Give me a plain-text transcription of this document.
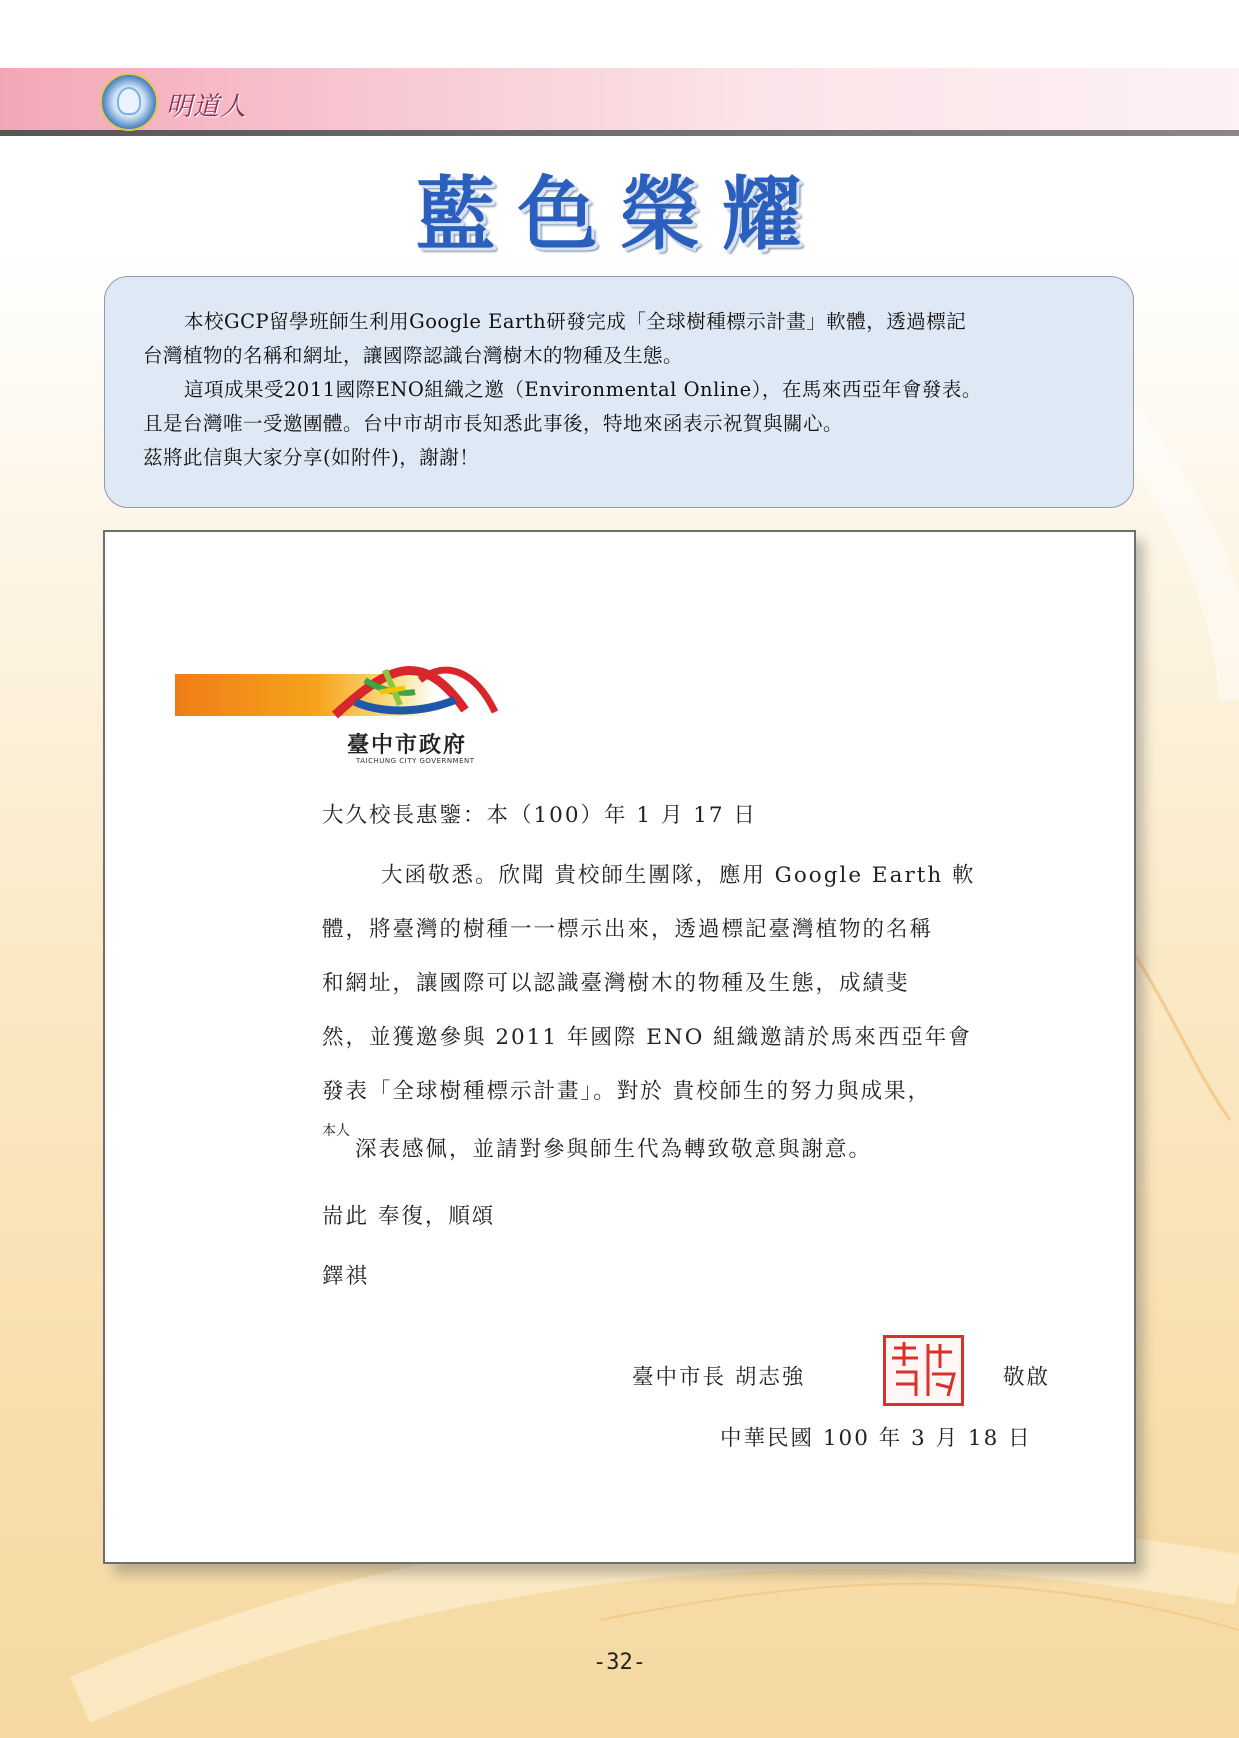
明道人
藍色榮耀

本校GCP留學班師生利用Google Earth研發完成「全球樹種標示計畫」軟體，透過標記

台灣植物的名稱和網址，讓國際認識台灣樹木的物種及生態。

這項成果受2011國際ENO組織之邀（Environmental Online），在馬來西亞年會發表。

且是台灣唯一受邀團體。台中市胡市長知悉此事後，特地來函表示祝賀與關心。

茲將此信與大家分享(如附件)，謝謝！

臺中市政府
TAICHUNG CITY GOVERNMENT
大久校長惠鑒：本（100）年 1 月 17 日
大函敬悉。欣聞 貴校師生團隊，應用 Google Earth 軟
體，將臺灣的樹種一一標示出來，透過標記臺灣植物的名稱
和網址，讓國際可以認識臺灣樹木的物種及生態，成績斐
然，並獲邀參與 2011 年國際 ENO 組織邀請於馬來西亞年會
發表「全球樹種標示計畫」。對於 貴校師生的努力與成果，
本人
深表感佩，並請對參與師生代為轉致敬意與謝意。
耑此 奉復，順頌
鐸祺
臺中市長 胡志強	敬啟
中華民國 100 年 3 月 18 日
-32-
